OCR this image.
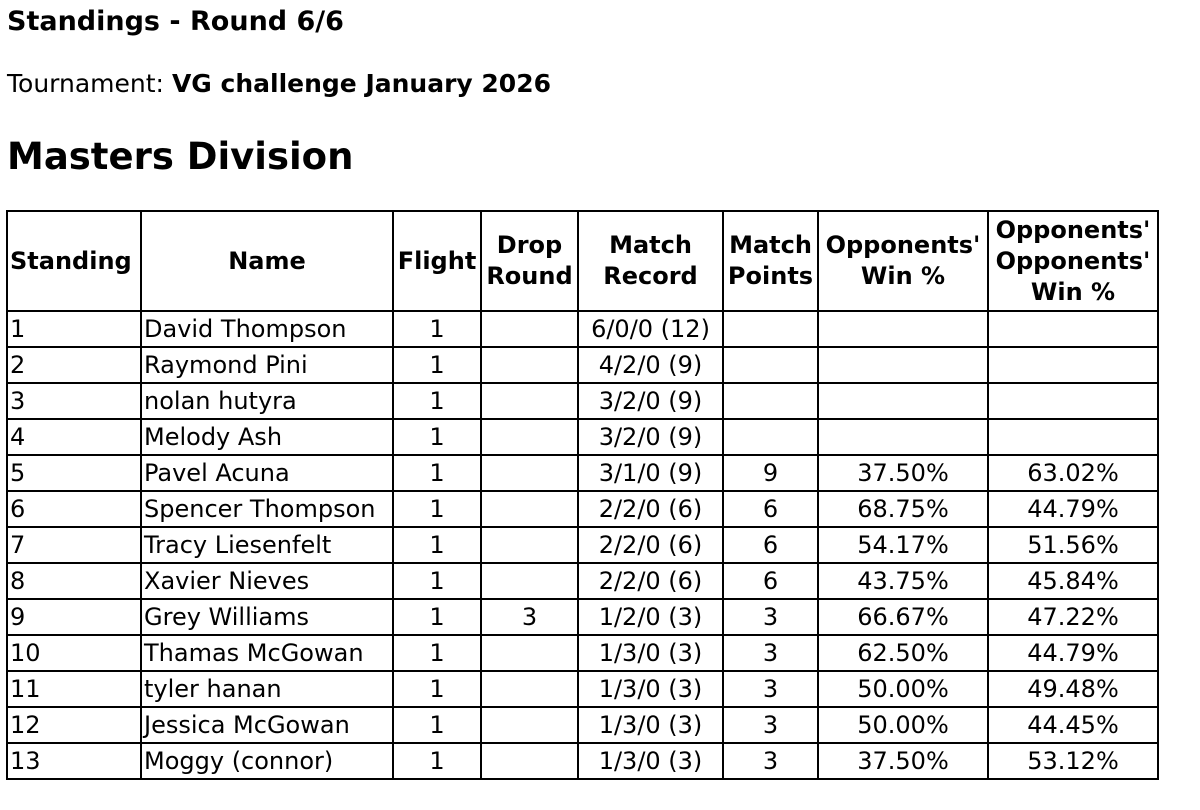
Standings - Round 6/6

Tournament: VG challenge January 2026

Masters Division
Standing	Name	Flight	Drop Round	Match Record	Match Points	Opponents' Win %	Opponents' Opponents' Win %
1	David Thompson	1		6/0/0 (12)			
2	Raymond Pini	1		4/2/0 (9)			
3	nolan hutyra	1		3/2/0 (9)			
4	Melody Ash	1		3/2/0 (9)			
5	Pavel Acuna	1		3/1/0 (9)	9	37.50%	63.02%
6	Spencer Thompson	1		2/2/0 (6)	6	68.75%	44.79%
7	Tracy Liesenfelt	1		2/2/0 (6)	6	54.17%	51.56%
8	Xavier Nieves	1		2/2/0 (6)	6	43.75%	45.84%
9	Grey Williams	1	3	1/2/0 (3)	3	66.67%	47.22%
10	Thamas McGowan	1		1/3/0 (3)	3	62.50%	44.79%
11	tyler hanan	1		1/3/0 (3)	3	50.00%	49.48%
12	Jessica McGowan	1		1/3/0 (3)	3	50.00%	44.45%
13	Moggy (connor)	1		1/3/0 (3)	3	37.50%	53.12%
